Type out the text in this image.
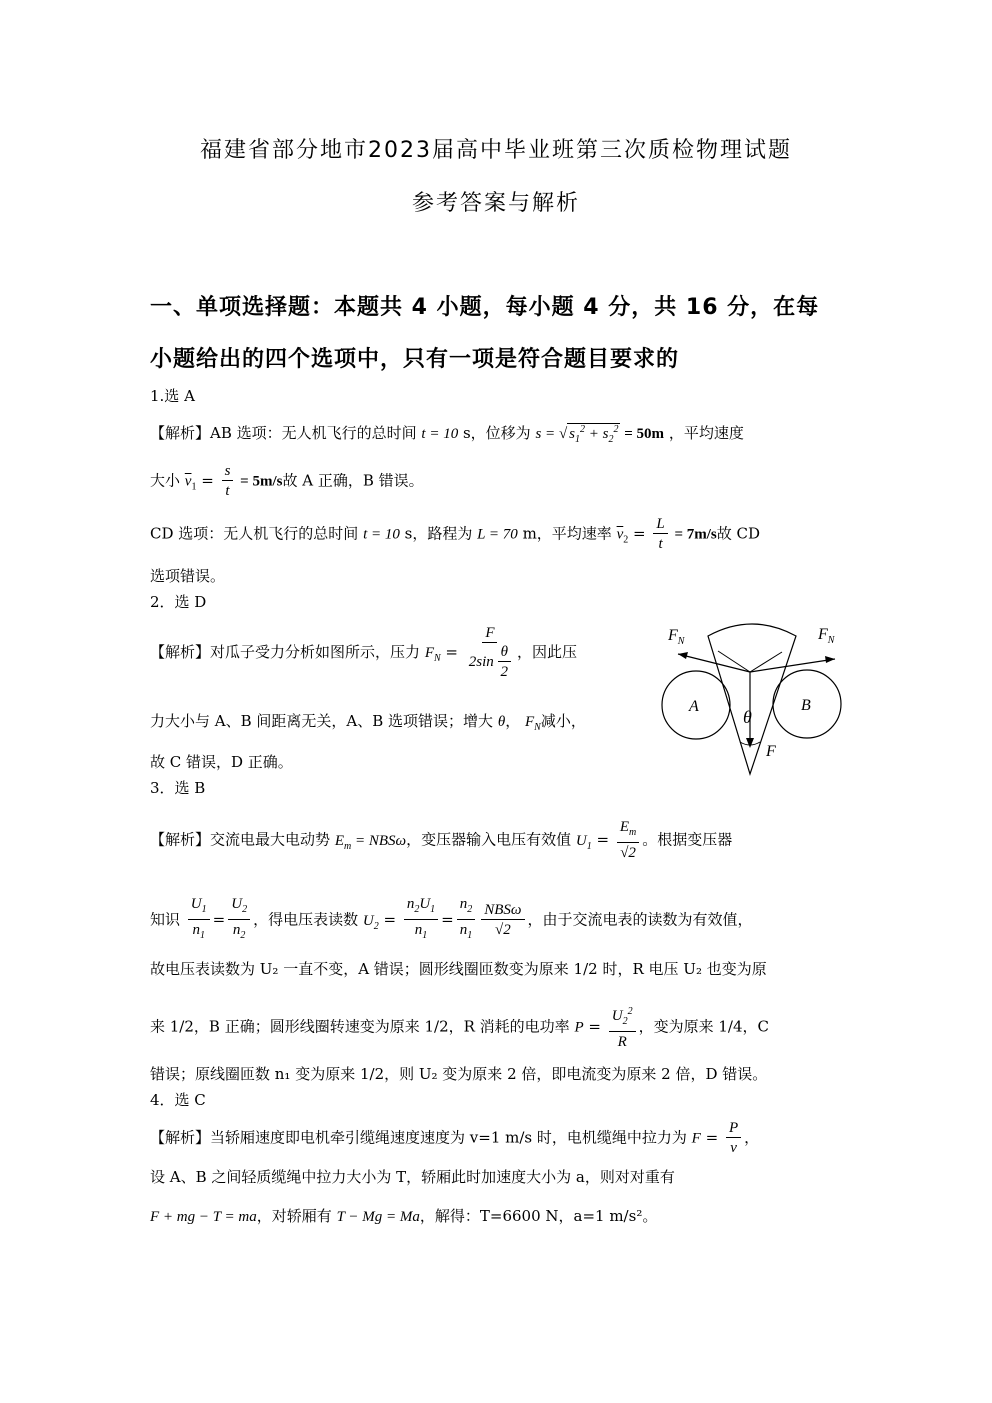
福建省部分地市2023届高中毕业班第三次质检物理试题
参考答案与解析
一、单项选择题：本题共 4 小题，每小题 4 分，共 16 分，在每
小题给出的四个选项中，只有一项是符合题目要求的
1.选 A
【解析】AB 选项：无人机飞行的总时间 t = 10 s，位移为 s = √ $s_1^2 + s_2^2 = 50m$ ，平均速度
大小 $\overline{v}_1 = \frac{s}{t} = 5m/s$故 A 正确，B 错误。
CD 选项：无人机飞行的总时间 t = 10 s，路程为 L = 70 m，平均速率 $\overline{v}_2 = \frac{L}{t} = 7m/s$故 CD
选项错误。
2．选 D
【解析】对瓜子受力分析如图所示，压力 $F_N = \frac{F}{2\sin \frac{\theta}{2}}$ ，因此压
力大小与 A、B 间距离无关，A、B 选项错误；增大 θ， $F_N$减小，
故 C 错误，D 正确。
$F_N$	$F_N$
A	B
θ
F
3．选 B
【解析】交流电最大电动势 $E_m = NBS\omega$，变压器输入电压有效值 $U_1 = \frac{E_m}{√2}$ 。根据变压器
知识 $\frac{U_1}{n_1} = \frac{U_2}{n_2}$ ，得电压表读数 $U_2 = \frac{n_2U_1}{n_1} = \frac{n_2}{n_1} \frac{\text{NBSω}}{√2}$ ，由于交流电表的读数为有效值，
故电压表读数为 U₂ 一直不变，A 错误；圆形线圈匝数变为原来 1/2 时，R 电压 U₂ 也变为原
来 1/2，B 正确；圆形线圈转速变为原来 1/2，R 消耗的电功率 $P = \frac{U_2^2}{R}$ ，变为原来 1/4，C
错误；原线圈匝数 n₁ 变为原来 1/2，则 U₂ 变为原来 2 倍，即电流变为原来 2 倍，D 错误。
4．选 C
【解析】当轿厢速度即电机牵引缆绳速度速度为 v=1 m/s 时，电机缆绳中拉力为 $F = \frac{P}{v}$ ，
设 A、B 之间轻质缆绳中拉力大小为 T，轿厢此时加速度大小为 a，则对对重有
F + mg − T = ma，对轿厢有 T − Mg = Ma，解得：T=6600 N，a=1 m/s²。
